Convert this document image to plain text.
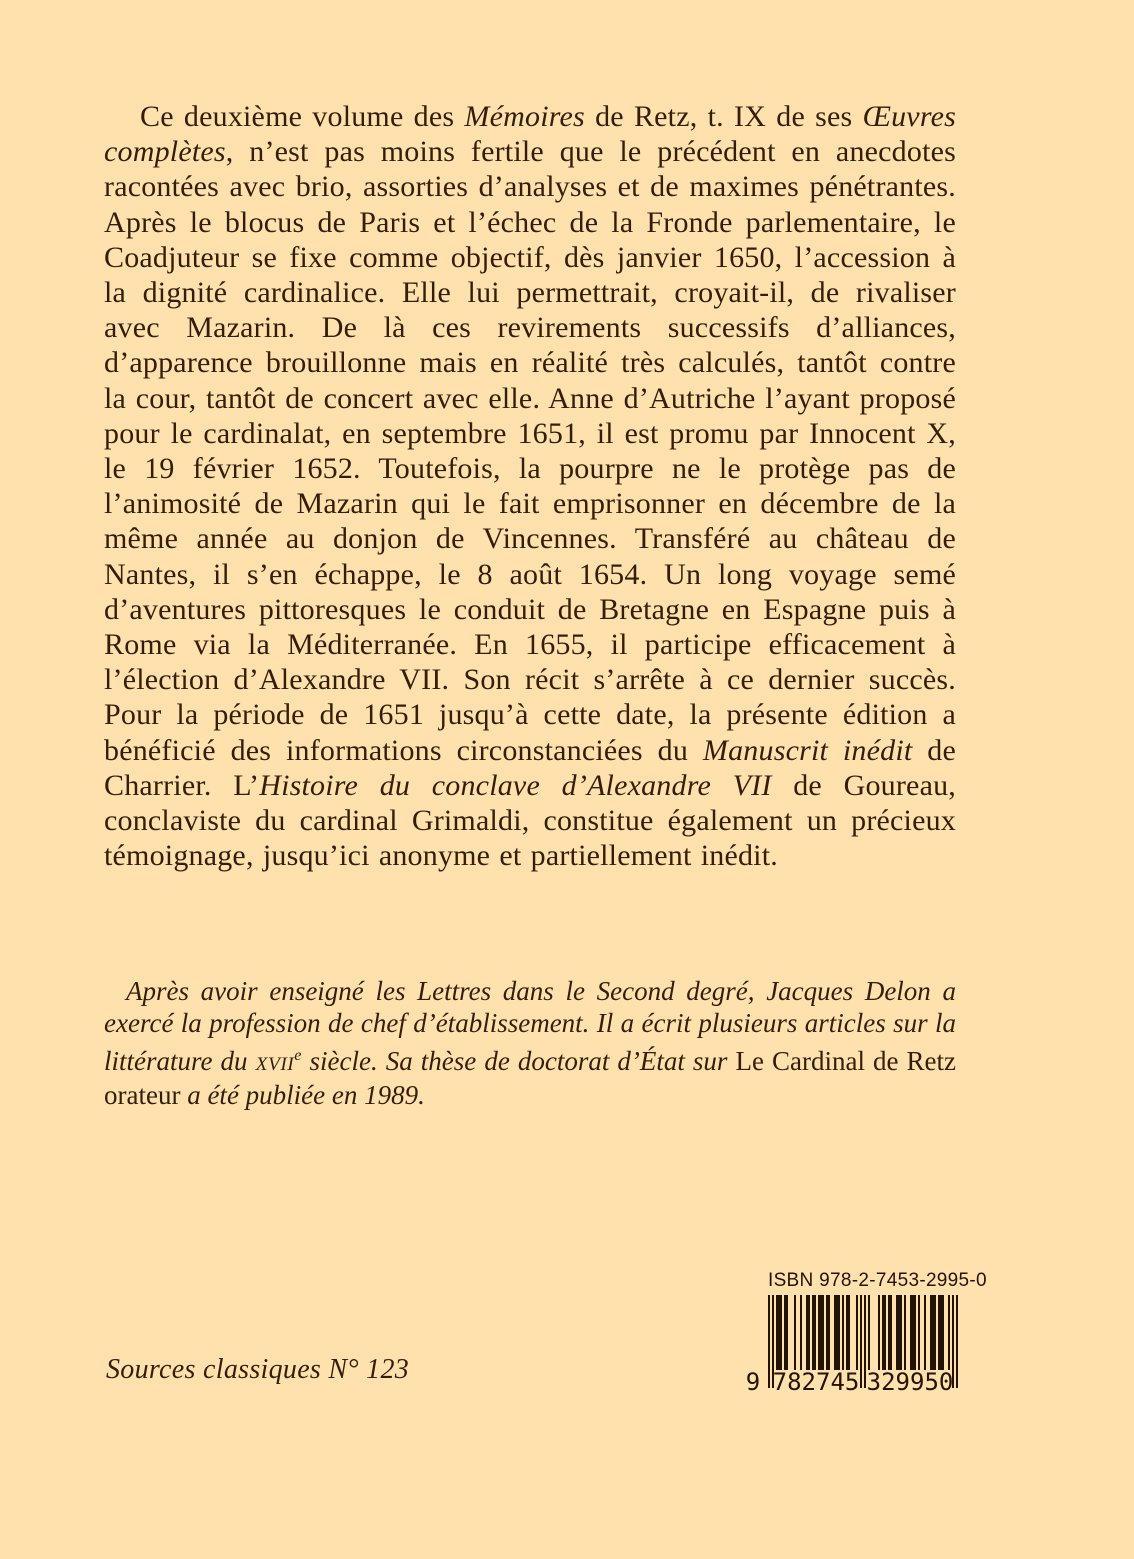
Ce deuxième volume des Mémoires de Retz, t. IX de ses Œuvres complètes, n’est pas moins fertile que le précédent en anecdotes racontées avec brio, assorties d’analyses et de maximes pénétrantes. Après le blocus de Paris et l’échec de la Fronde parlementaire, le Coadjuteur se fixe comme objectif, dès janvier 1650, l’accession à la dignité cardinalice. Elle lui permettrait, croyait-il, de rivaliser avec Mazarin. De là ces revirements successifs d’alliances, d’apparence brouillonne mais en réalité très calculés, tantôt contre la cour, tantôt de concert avec elle. Anne d’Autriche l’ayant proposé pour le cardinalat, en septembre 1651, il est promu par Innocent X, le 19 février 1652. Toutefois, la pourpre ne le protège pas de l’animosité de Mazarin qui le fait emprisonner en décembre de la même année au donjon de Vincennes. Transféré au château de Nantes, il s’en échappe, le 8 août 1654. Un long voyage semé d’aventures pittoresques le conduit de Bretagne en Espagne puis à Rome via la Méditerranée. En 1655, il participe efficacement à l’élection d’Alexandre VII. Son récit s’arrête à ce dernier succès. Pour la période de 1651 jusqu’à cette date, la présente édition a bénéficié des informations circonstanciées du Manuscrit inédit de Charrier. L’Histoire du conclave d’Alexandre VII de Goureau, conclaviste du cardinal Grimaldi, constitue également un précieux témoignage, jusqu’ici anonyme et partiellement inédit.

Après avoir enseigné les Lettres dans le Second degré, Jacques Delon a exercé la profession de chef d’établissement. Il a écrit plusieurs articles sur la littérature du XVIIe siècle. Sa thèse de doctorat d’État sur Le Cardinal de Retz orateur a été publiée en 1989.

ISBN 978-2-7453-2995-0
9 782745 329950
Sources classiques N° 123
